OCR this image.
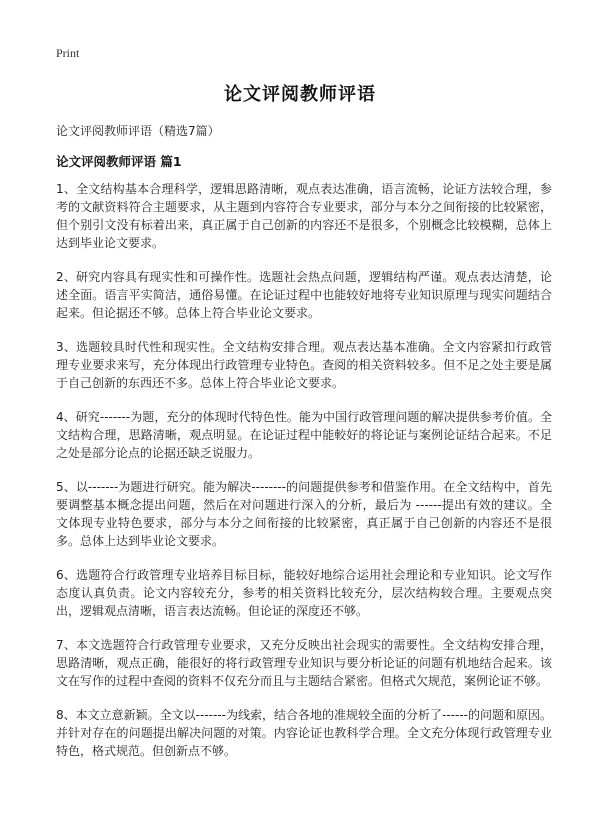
Print
论文评阅教师评语
论文评阅教师评语（精选7篇）
论文评阅教师评语 篇1

1、全文结构基本合理科学，逻辑思路清晰，观点表达准确，语言流畅，论证方法较合理，参考的文献资料符合主题要求，从主题到内容符合专业要求，部分与本分之间衔接的比较紧密，但个别引文没有标着出来，真正属于自己创新的内容还不是很多，个别概念比较模糊，总体上达到毕业论文要求。

2、研究内容具有现实性和可操作性。选题社会热点问题，逻辑结构严谨。观点表达清楚，论述全面。语言平实简洁，通俗易懂。在论证过程中也能较好地将专业知识原理与现实问题结合起来。但论据还不够。总体上符合毕业论文要求。

3、选题较具时代性和现实性。全文结构安排合理。观点表达基本准确。全文内容紧扣行政管理专业要求来写，充分体现出行政管理专业特色。查阅的相关资料较多。但不足之处主要是属于自己创新的东西还不多。总体上符合毕业论文要求。

4、研究-------为题，充分的体现时代特色性。能为中国行政管理问题的解决提供参考价值。全文结构合理，思路清晰，观点明显。在论证过程中能較好的将论证与案例论证结合起来。不足之处是部分论点的论据还缺乏说服力。

5、以-------为题进行研究。能为解决--------的问题提供参考和借鉴作用。在全文结构中，首先要调整基本概念提出问题，然后在对问题进行深入的分析，最后为 ------提出有效的建议。全文体现专业特色要求，部分与本分之间衔接的比较紧密，真正属于自己创新的内容还不是很多。总体上达到毕业论文要求。

6、选题符合行政管理专业培养目标目标，能较好地综合运用社会理论和专业知识。论文写作态度认真负责。论文内容较充分，参考的相关资料比较充分，层次结构较合理。主要观点突出，逻辑观点清晰，语言表达流畅。但论证的深度还不够。

7、本文选题符合行政管理专业要求，又充分反映出社会现实的需要性。全文结构安排合理，思路清晰，观点正确，能很好的将行政管理专业知识与要分析论证的问题有机地结合起来。该文在写作的过程中查阅的资料不仅充分而且与主题结合紧密。但格式欠规范，案例论证不够。

8、本文立意新颖。全文以-------为线索，结合各地的准规较全面的分析了------的问题和原因。并针对存在的问题提出解决问题的对策。内容论证也教科学合理。全文充分体现行政管理专业特色，格式规范。但创新点不够。
